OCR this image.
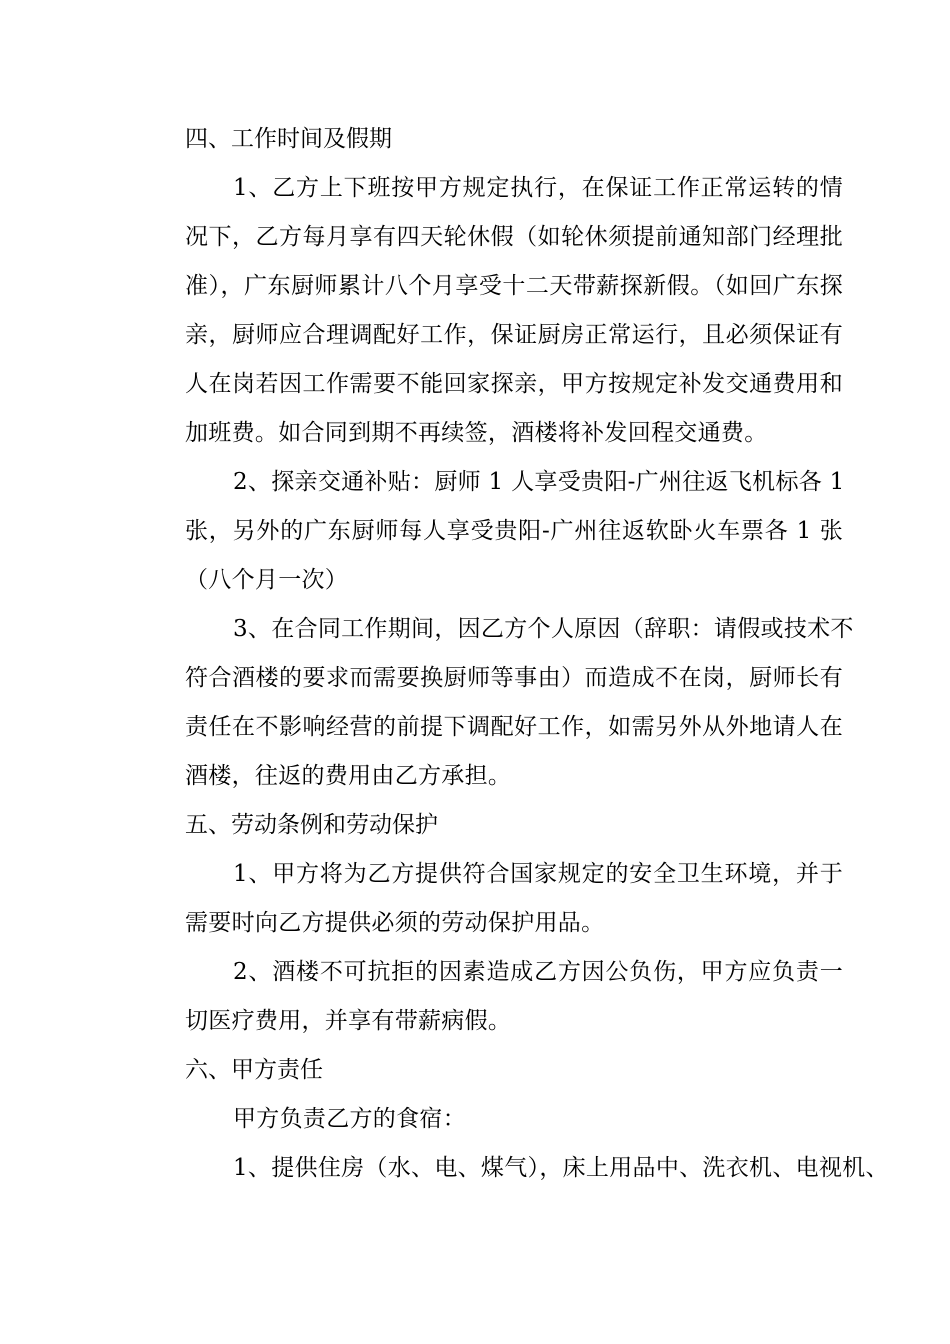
四、工作时间及假期

1、乙方上下班按甲方规定执行，在保证工作正常运转的情
况下，乙方每月享有四天轮休假（如轮休须提前通知部门经理批
准），广东厨师累计八个月享受十二天带薪探新假。（如回广东探
亲，厨师应合理调配好工作，保证厨房正常运行，且必须保证有
人在岗若因工作需要不能回家探亲，甲方按规定补发交通费用和
加班费。如合同到期不再续签，酒楼将补发回程交通费。
2、探亲交通补贴：厨师 1 人享受贵阳-广州往返飞机标各 1
张，另外的广东厨师每人享受贵阳-广州往返软卧火车票各 1 张
（八个月一次）
3、在合同工作期间，因乙方个人原因（辞职：请假或技术不
符合酒楼的要求而需要换厨师等事由）而造成不在岗，厨师长有
责任在不影响经营的前提下调配好工作，如需另外从外地请人在
酒楼，往返的费用由乙方承担。

五、劳动条例和劳动保护

1、甲方将为乙方提供符合国家规定的安全卫生环境，并于
需要时向乙方提供必须的劳动保护用品。
2、酒楼不可抗拒的因素造成乙方因公负伤，甲方应负责一
切医疗费用，并享有带薪病假。

六、甲方责任

甲方负责乙方的食宿：
1、提供住房（水、电、煤气），床上用品中、洗衣机、电视机、
